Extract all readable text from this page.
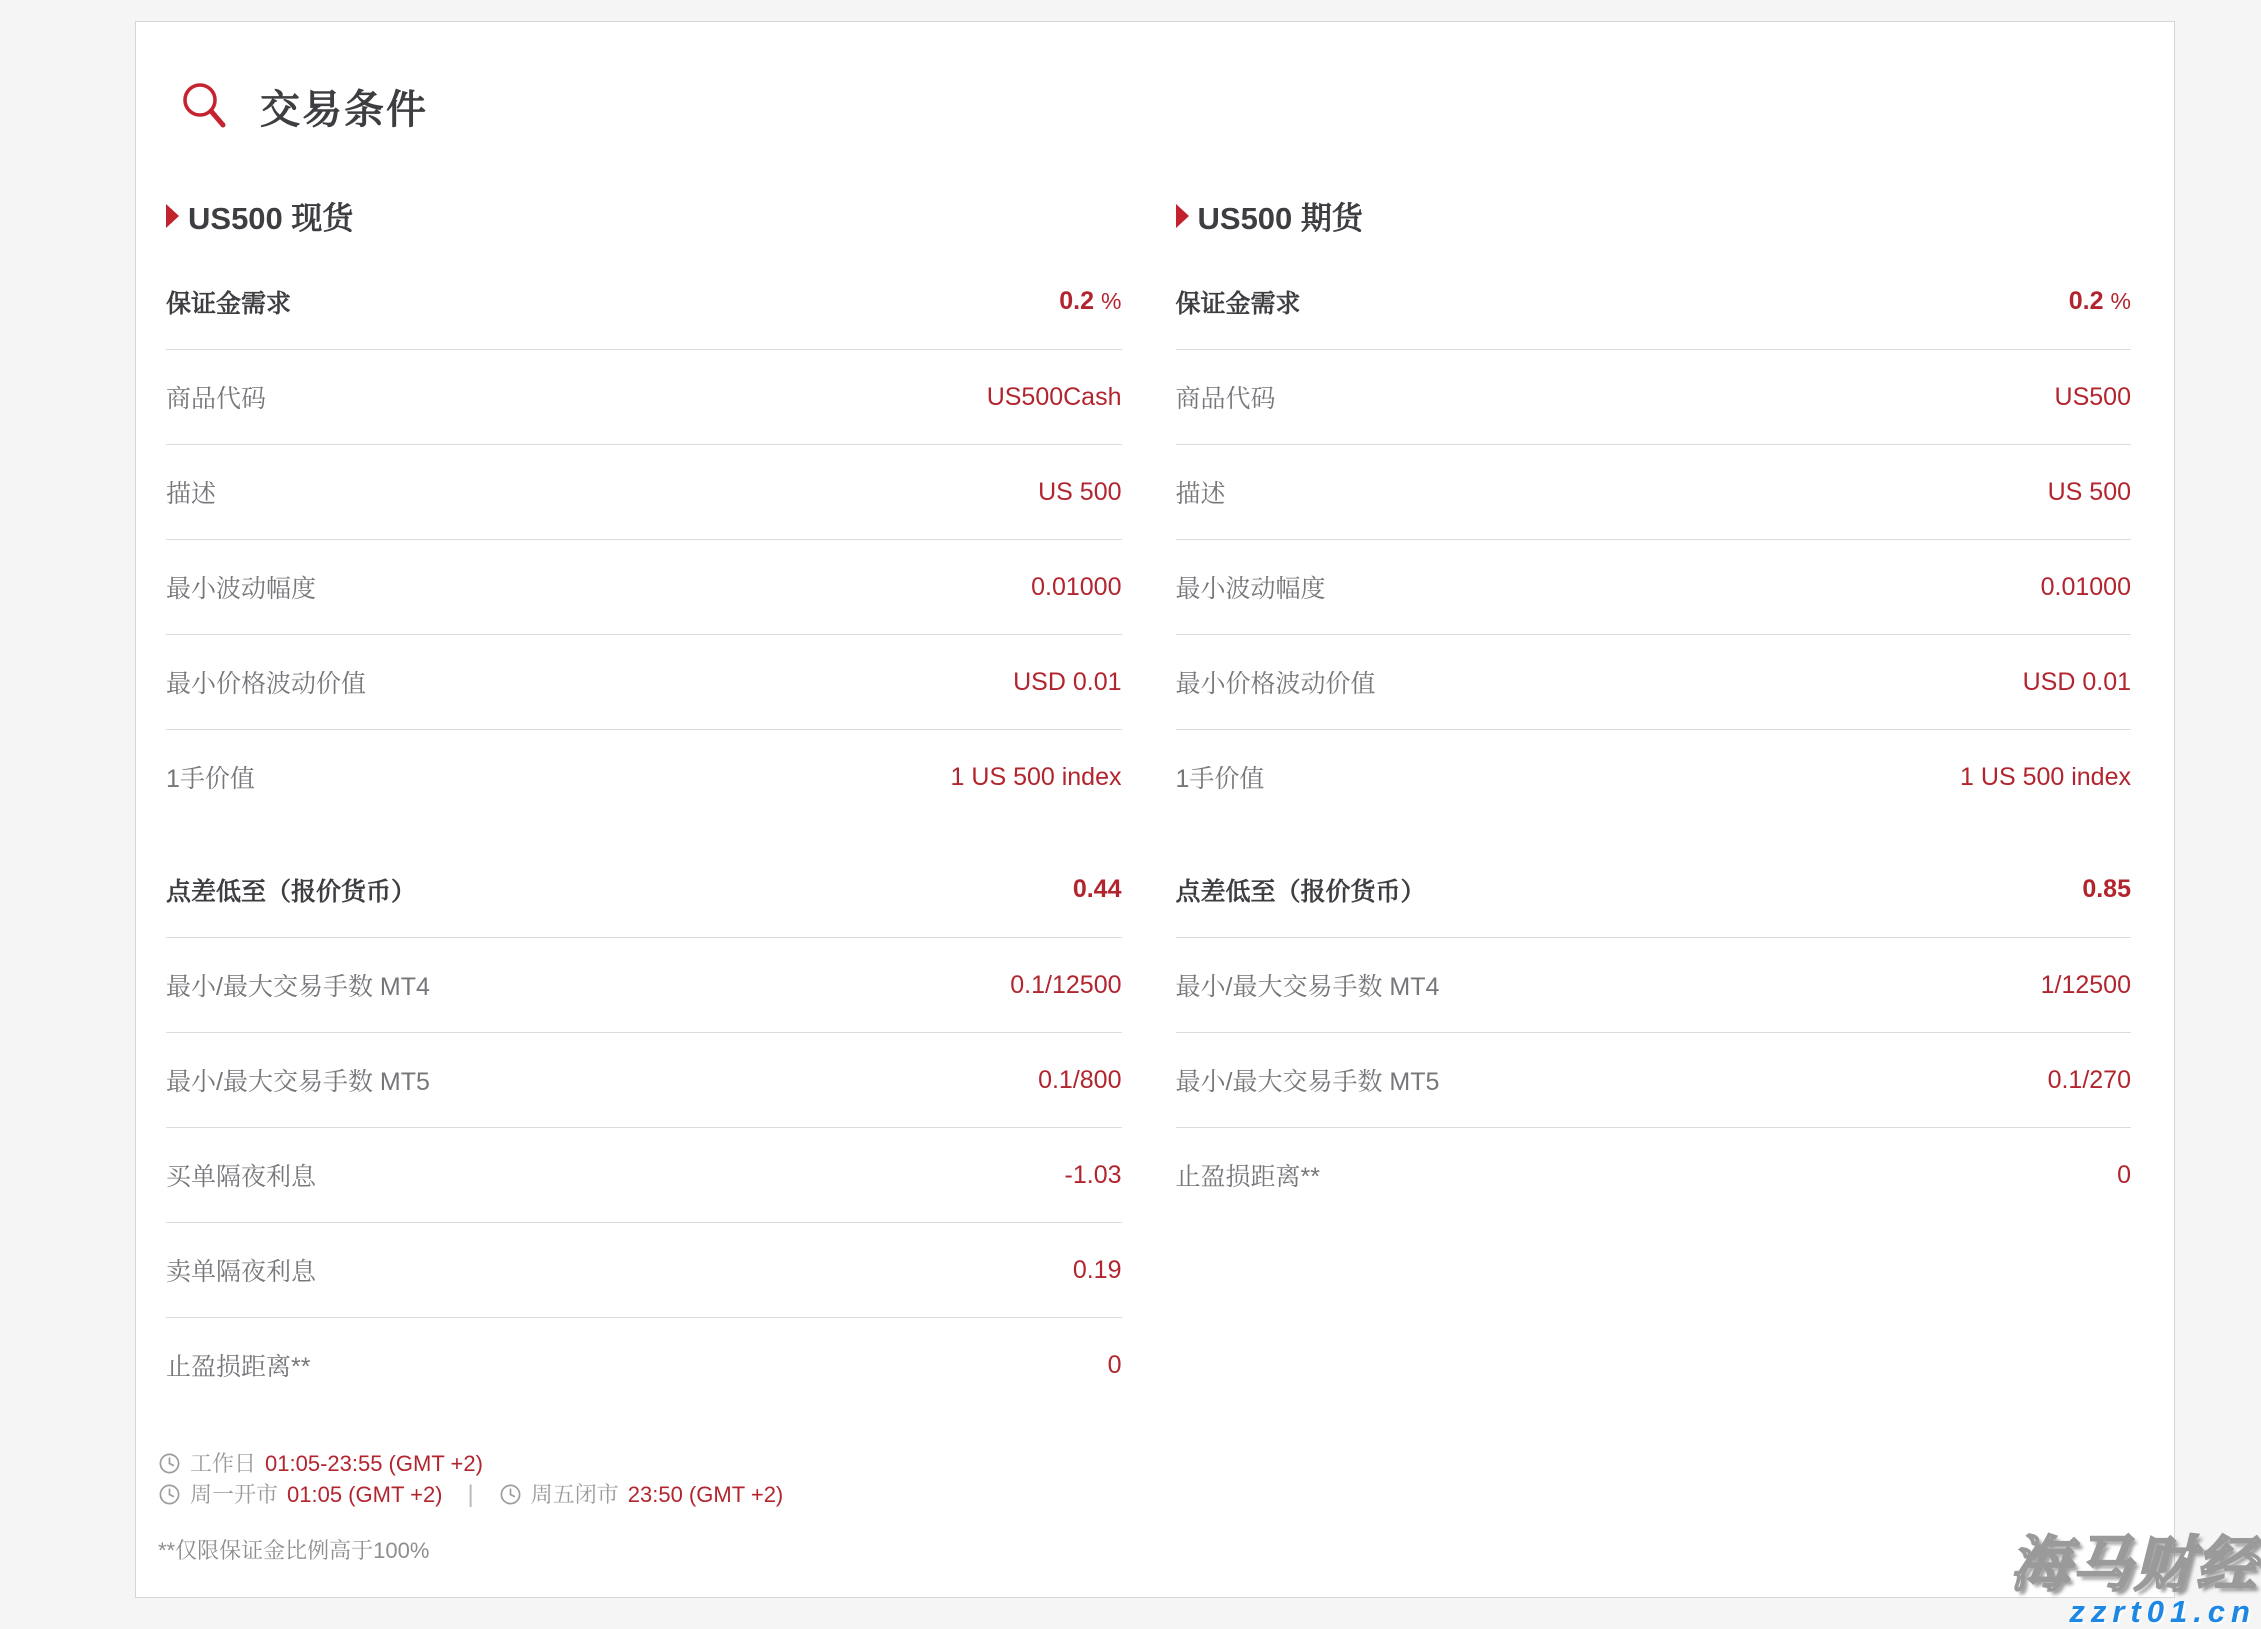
交易条件
US500 现货
保证金需求	0.2 %
商品代码	US500Cash
描述	US 500
最小波动幅度	0.01000
最小价格波动价值	USD 0.01
1手价值	1 US 500 index
点差低至（报价货币）	0.44
最小/最大交易手数 MT4	0.1/12500
最小/最大交易手数 MT5	0.1/800
买单隔夜利息	-1.03
卖单隔夜利息	0.19
止盈损距离**	0
工作日 01:05-23:55 (GMT +2)
周一开市 01:05 (GMT +2) |	周五闭市 23:50 (GMT +2)
**仅限保证金比例高于100%
US500 期货
保证金需求	0.2 %
商品代码	US500
描述	US 500
最小波动幅度	0.01000
最小价格波动价值	USD 0.01
1手价值	1 US 500 index
点差低至（报价货币）	0.85
最小/最大交易手数 MT4	1/12500
最小/最大交易手数 MT5	0.1/270
止盈损距离**	0
海马财经
zzrt01.cn
